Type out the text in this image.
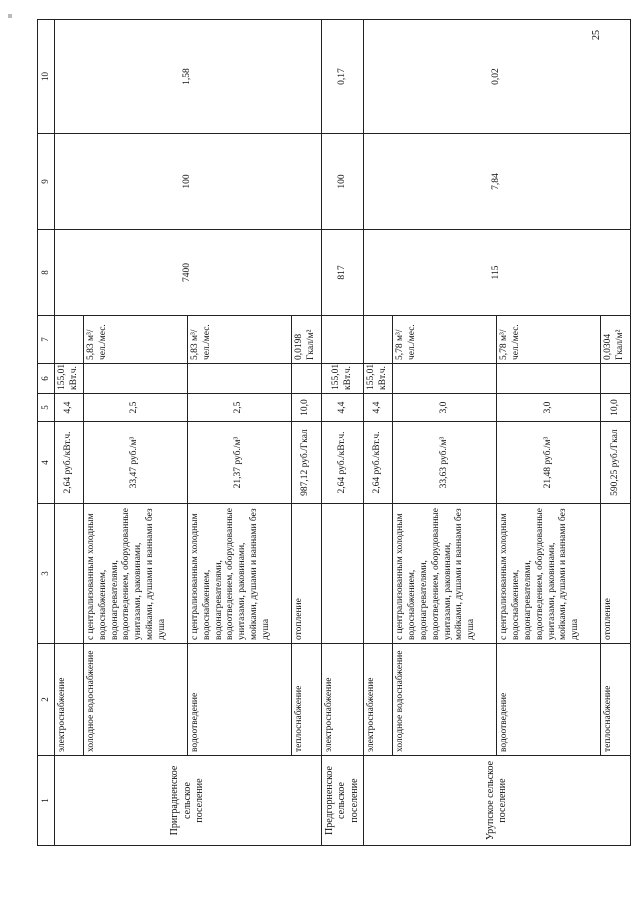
25
1	2	3	4	5	6	7	8	9	10
Приградненское сельское поселение	электроснабжение		2,64 руб./кВт.ч.	4,4	155,01 кВт.ч.		7400	100	1,58
	холодное водоснабжение	с централизованным холодным водоснабжением, водонагревателями, водоотведением, оборудованные унитазами, раковинами, мойками, душами и ваннами без душа	33,47 руб./м³	2,5		5,83 м³/чел./мес.			
	водоотведение	с централизованным холодным водоснабжением, водонагревателями, водоотведением, оборудованные унитазами, раковинами, мойками, душами и ваннами без душа	21,37 руб./м³	2,5		5,83 м³/чел./мес.			
	теплоснабжение	отопление	987,12 руб./Гкал	10,0		0,0198 Гкал/м²			
Предгорненское сельское поселение	электроснабжение		2,64 руб./кВт.ч.	4,4	155,01 кВт.ч.		817	100	0,17
Урупское сельское поселение	электроснабжение		2,64 руб./кВт.ч.	4,4	155,01 кВт.ч.		115	7,84	0,02
	холодное водоснабжение	с централизованным холодным водоснабжением, водонагревателями, водоотведением, оборудованные унитазами, раковинами, мойками, душами и ваннами без душа	33,63 руб./м³	3,0		5,78 м³/чел./мес.			
	водоотведение	с централизованным холодным водоснабжением, водонагревателями, водоотведением, оборудованные унитазами, раковинами, мойками, душами и ваннами без душа	21,48 руб./м³	3,0		5,78 м³/чел./мес.			
	теплоснабжение	отопление	590,25 руб./Гкал	10,0		0,0304 Гкал/м²			
